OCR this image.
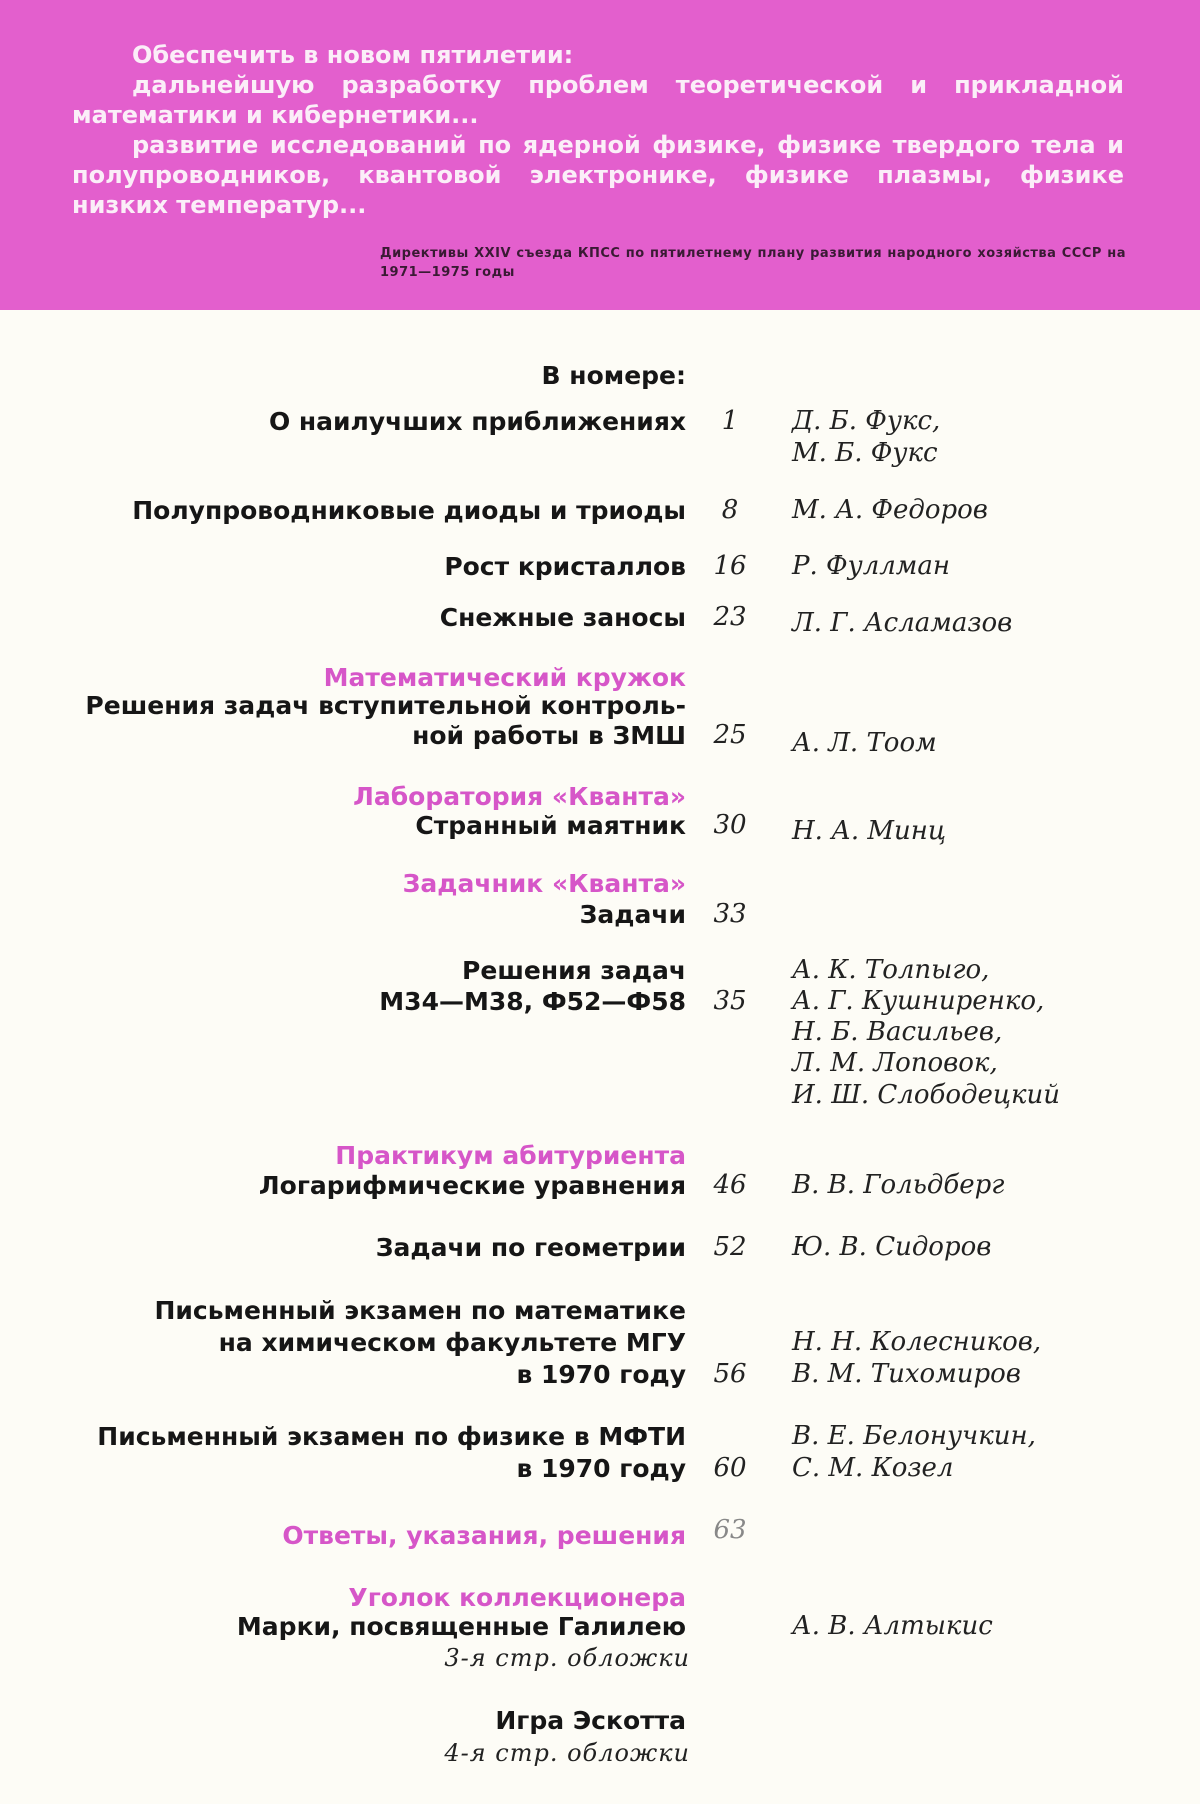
Обеспечить в новом пятилетии:

дальнейшую разработку проблем теоретической и прикладной математики и кибернетики...

развитие исследований по ядерной физике, физике твердого тела и полупроводников, квантовой электронике, физике плазмы, физике низких температур...

Директивы XXIV съезда КПСС по пятилетнему плану развития народного хозяйства СССР на 1971—1975 годы
В номере:
О наилучших приближениях	1	Д. Б. Фукс,
М. Б. Фукс
Полупроводниковые диоды и триоды	8	М. А. Федоров
Рост кристаллов	16	Р. Фуллман
Снежные заносы	23	Л. Г. Асламазов
Математический кружок
Решения задач вступительной контроль-
ной работы в ЗМШ	25	А. Л. Тоом
Лаборатория «Кванта»
Странный маятник	30	Н. А. Минц
Задачник «Кванта»
Задачи	33
Решения задач
М34—М38, Ф52—Ф58	35
А. К. Толпыго,
А. Г. Кушниренко,
Н. Б. Васильев,
Л. М. Лоповок,
И. Ш. Слободецкий
Практикум абитуриента
Логарифмические уравнения	46	В. В. Гольдберг
Задачи по геометрии	52	Ю. В. Сидоров
Письменный экзамен по математике
на химическом факультете МГУ
в 1970 году	56
Н. Н. Колесников,
В. М. Тихомиров
Письменный экзамен по физике в МФТИ
в 1970 году	60
В. Е. Белонучкин,
С. М. Козел
Ответы, указания, решения	63
Уголок коллекционера
Марки, посвященные Галилею
3-я стр. обложки
А. В. Алтыкис
Игра Эскотта
4-я стр. обложки
